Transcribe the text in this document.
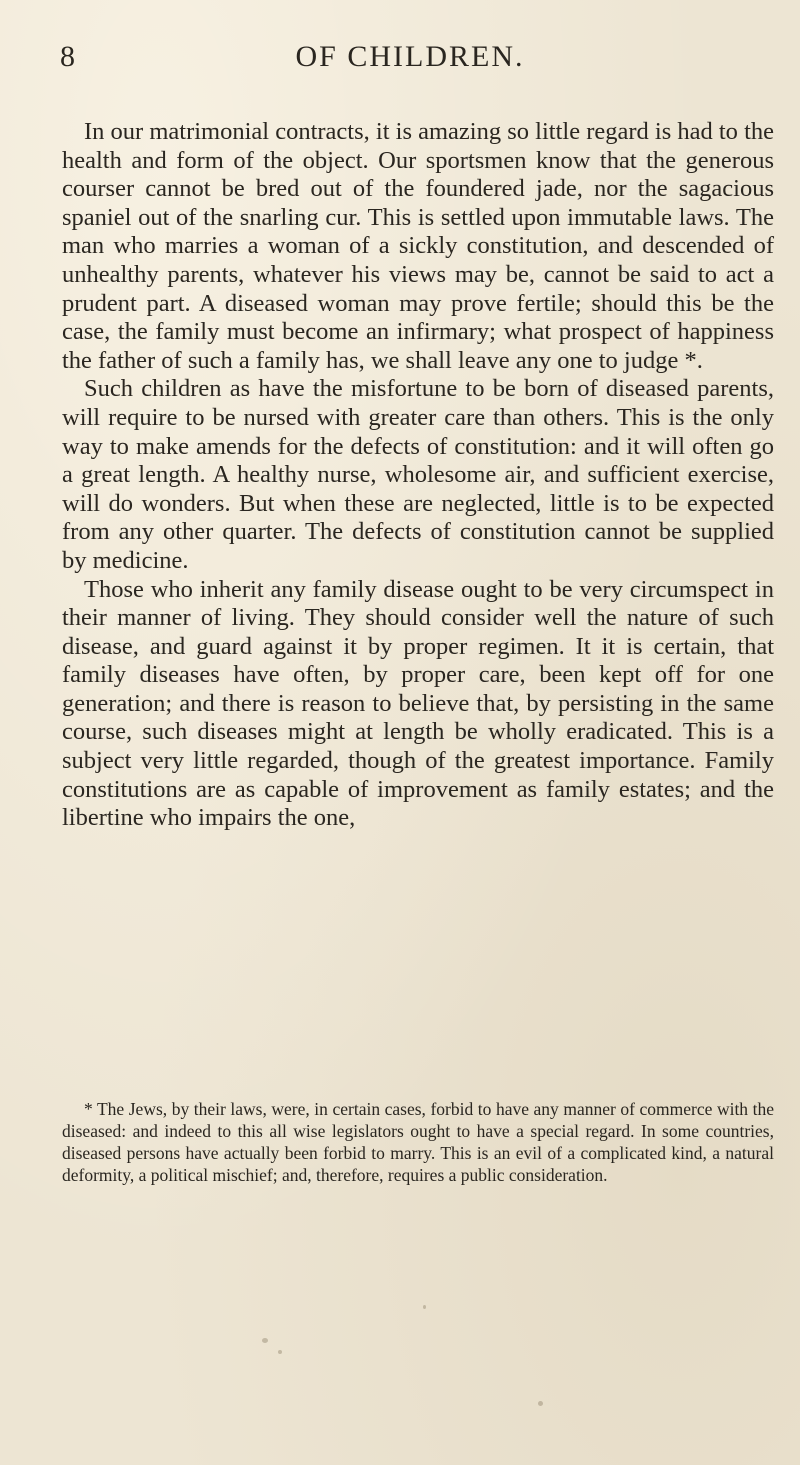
8	OF CHILDREN.

In our matrimonial contracts, it is amazing so little regard is had to the health and form of the object. Our sportsmen know that the generous courser cannot be bred out of the foundered jade, nor the sagacious spaniel out of the snarling cur. This is settled upon immutable laws. The man who marries a woman of a sickly constitution, and descended of unhealthy parents, whatever his views may be, cannot be said to act a prudent part. A diseased woman may prove fertile; should this be the case, the family must become an infirmary; what prospect of happiness the father of such a family has, we shall leave any one to judge *.

Such children as have the misfortune to be born of diseased parents, will require to be nursed with greater care than others. This is the only way to make amends for the defects of constitution: and it will often go a great length. A healthy nurse, wholesome air, and sufficient exercise, will do wonders. But when these are neglected, little is to be expected from any other quarter. The defects of constitution cannot be supplied by medicine.

Those who inherit any family disease ought to be very circumspect in their manner of living. They should consider well the nature of such disease, and guard against it by proper regimen. It it is certain, that family diseases have often, by proper care, been kept off for one generation; and there is reason to believe that, by persisting in the same course, such diseases might at length be wholly eradicated. This is a subject very little regarded, though of the greatest importance. Family constitutions are as capable of improvement as family estates; and the libertine who impairs the one,

* The Jews, by their laws, were, in certain cases, forbid to have any manner of commerce with the diseased: and indeed to this all wise legislators ought to have a special regard. In some countries, diseased persons have actually been forbid to marry. This is an evil of a complicated kind, a natural deformity, a political mischief; and, therefore, requires a public consideration.
